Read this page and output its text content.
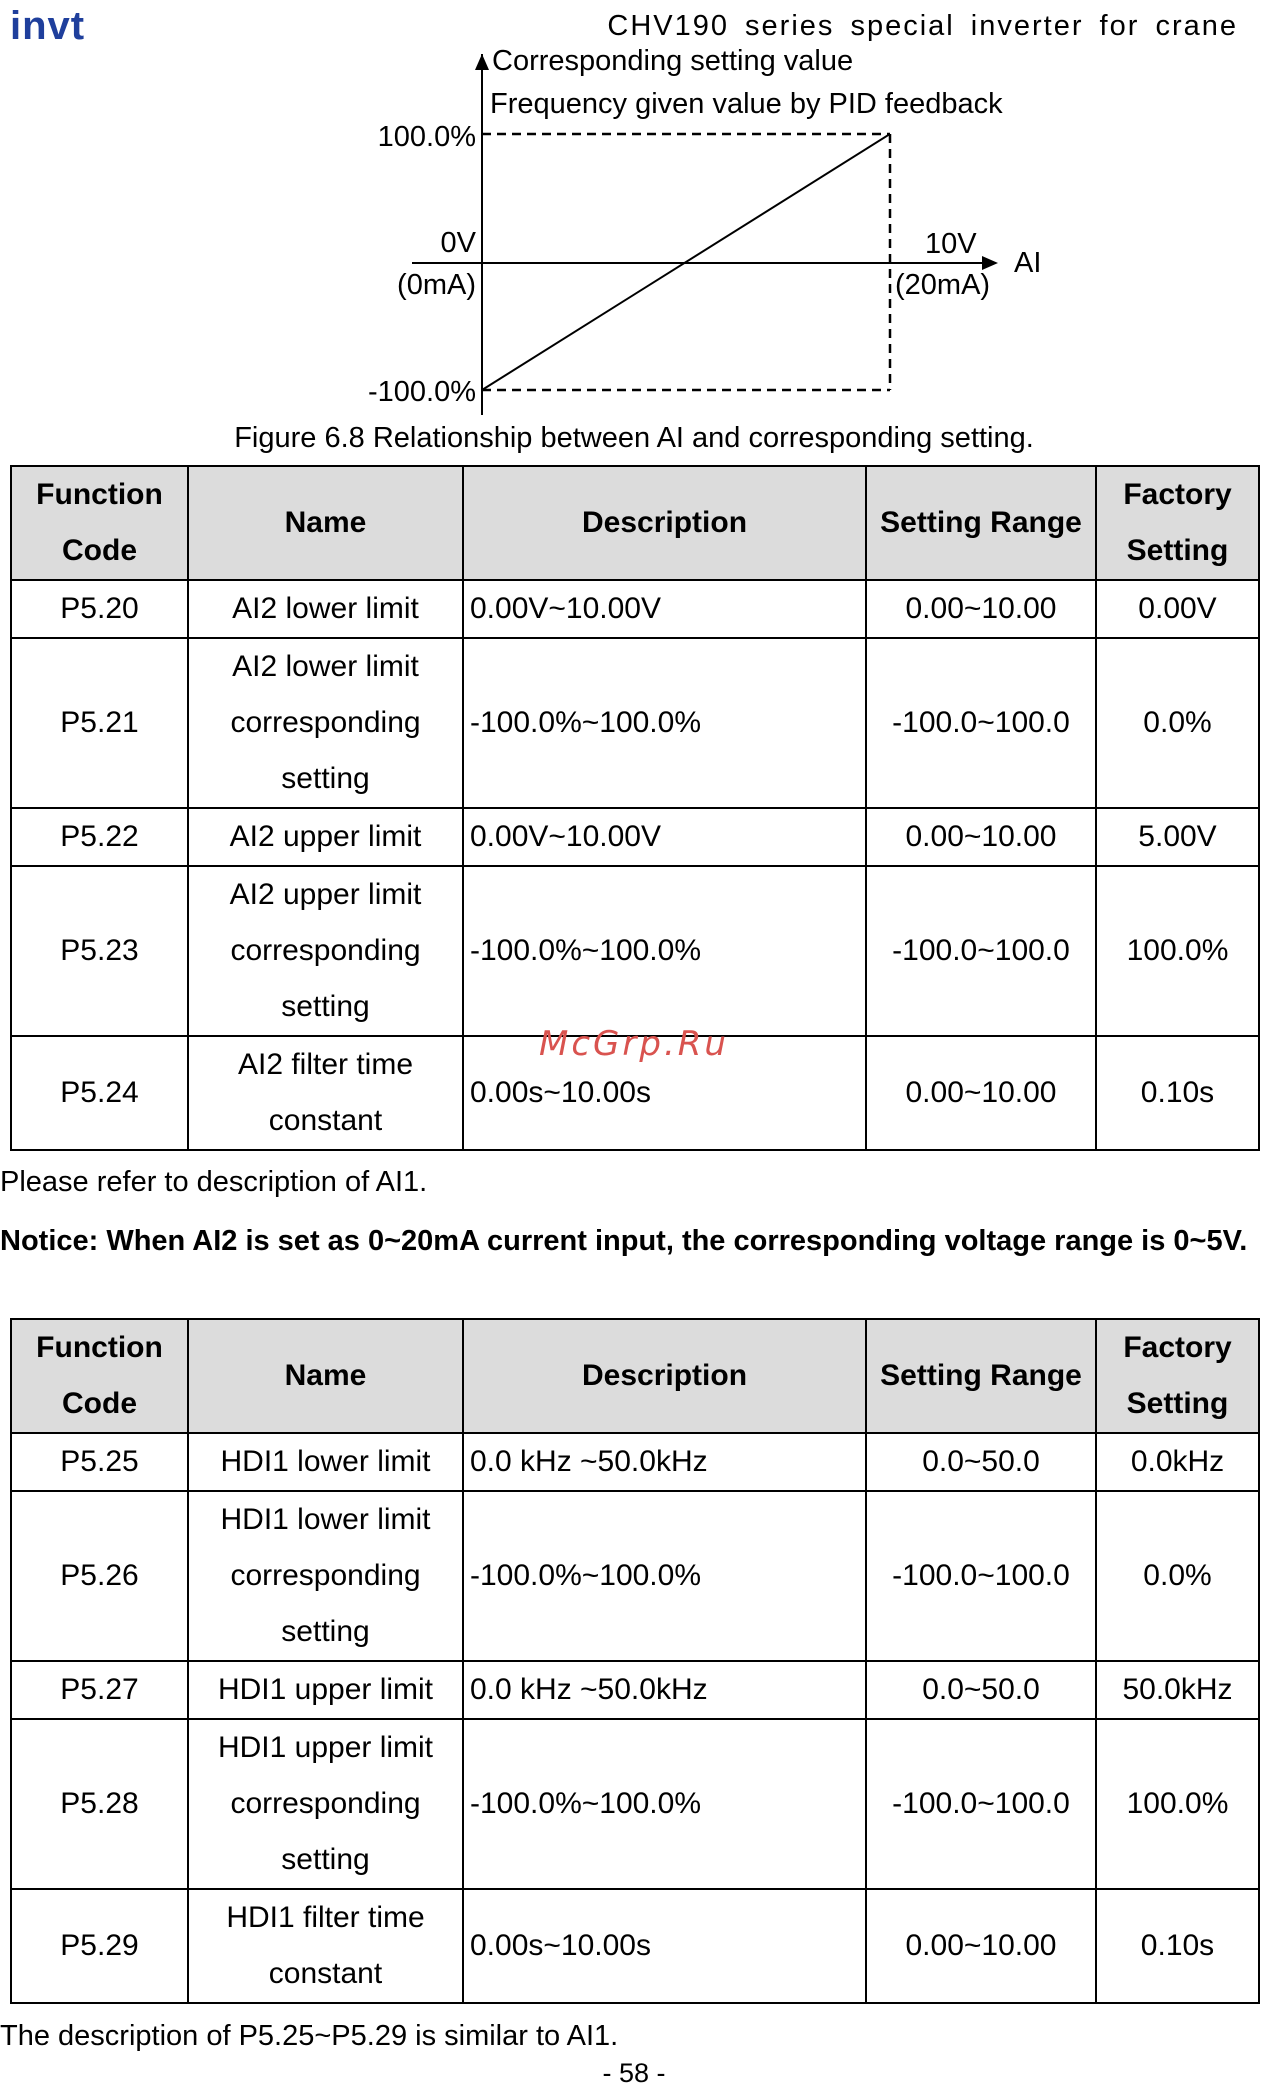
invt	CHV190 series special inverter for crane
Corresponding setting value
Frequency given value by PID feedback
100.0%
-100.0%
0V
(0mA)
10V
(20mA)
AI
Figure 6.8 Relationship between AI and corresponding setting.
Function
Code	Name	Description	Setting Range	Factory
Setting
P5.20	AI2 lower limit	0.00V~10.00V	0.00~10.00	0.00V
P5.21	AI2 lower limit
corresponding
setting	-100.0%~100.0%	-100.0~100.0	0.0%
P5.22	AI2 upper limit	0.00V~10.00V	0.00~10.00	5.00V
P5.23	AI2 upper limit
corresponding
setting	-100.0%~100.0%	-100.0~100.0	100.0%
P5.24	AI2 filter time
constant	0.00s~10.00s	0.00~10.00	0.10s
McGrp.Ru
Please refer to description of AI1.
Notice: When AI2 is set as 0~20mA current input, the corresponding voltage range is 0~5V.
Function
Code	Name	Description	Setting Range	Factory
Setting
P5.25	HDI1 lower limit	0.0 kHz ~50.0kHz	0.0~50.0	0.0kHz
P5.26	HDI1 lower limit
corresponding
setting	-100.0%~100.0%	-100.0~100.0	0.0%
P5.27	HDI1 upper limit	0.0 kHz ~50.0kHz	0.0~50.0	50.0kHz
P5.28	HDI1 upper limit
corresponding
setting	-100.0%~100.0%	-100.0~100.0	100.0%
P5.29	HDI1 filter time
constant	0.00s~10.00s	0.00~10.00	0.10s
The description of P5.25~P5.29 is similar to AI1.
- 58 -
